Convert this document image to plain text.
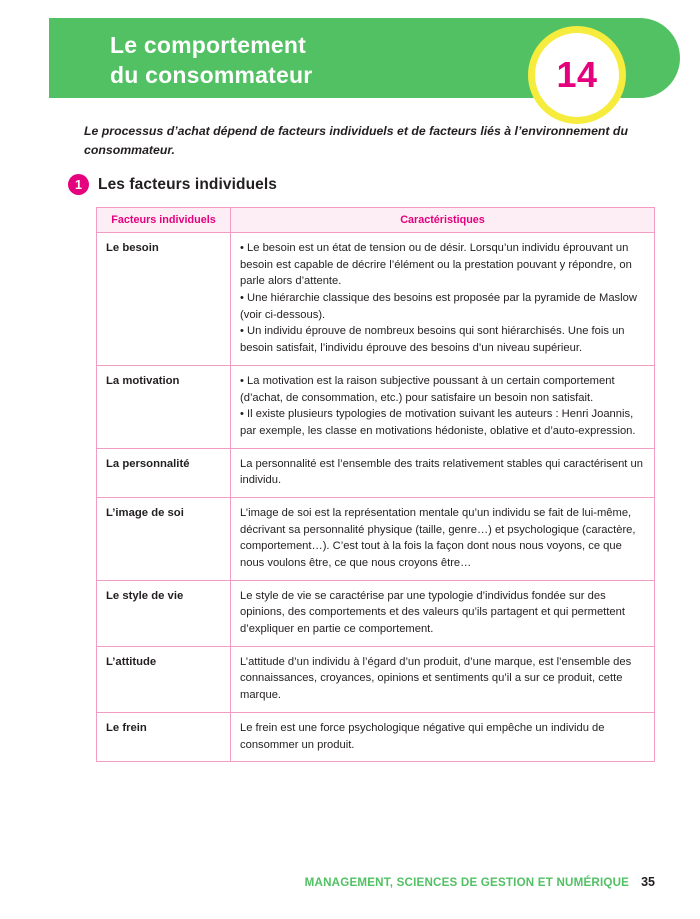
Le comportement
du consommateur	14
Le processus d’achat dépend de facteurs individuels et de facteurs liés à l’environnement du consommateur.
1	Les facteurs individuels
Facteurs individuels	Caractéristiques
Le besoin	• Le besoin est un état de tension ou de désir. Lorsqu’un individu éprouvant un besoin est capable de décrire l’élément ou la prestation pouvant y répondre, on parle alors d’attente.

• Une hiérarchie classique des besoins est proposée par la pyramide de Maslow (voir ci-dessous).

• Un individu éprouve de nombreux besoins qui sont hiérarchisés. Une fois un besoin satisfait, l’individu éprouve des besoins d’un niveau supérieur.

La motivation	• La motivation est la raison subjective poussant à un certain comportement (d’achat, de consommation, etc.) pour satisfaire un besoin non satisfait.

• Il existe plusieurs typologies de motivation suivant les auteurs : Henri Joannis, par exemple, les classe en motivations hédoniste, oblative et d’auto-expression.

La personnalité	La personnalité est l’ensemble des traits relativement stables qui caractérisent un individu.

L’image de soi	L’image de soi est la représentation mentale qu’un individu se fait de lui-même, décrivant sa personnalité physique (taille, genre…) et psychologique (caractère, comportement…). C’est tout à la fois la façon dont nous nous voyons, ce que nous voulons être, ce que nous croyons être…

Le style de vie	Le style de vie se caractérise par une typologie d’individus fondée sur des opinions, des comportements et des valeurs qu’ils partagent et qui permettent d’expliquer en partie ce comportement.

L’attitude	L’attitude d’un individu à l’égard d’un produit, d’une marque, est l’ensemble des connaissances, croyances, opinions et sentiments qu’il a sur ce produit, cette marque.

Le frein	Le frein est une force psychologique négative qui empêche un individu de consommer un produit.

MANAGEMENT, SCIENCES DE GESTION ET NUMÉRIQUE 35
